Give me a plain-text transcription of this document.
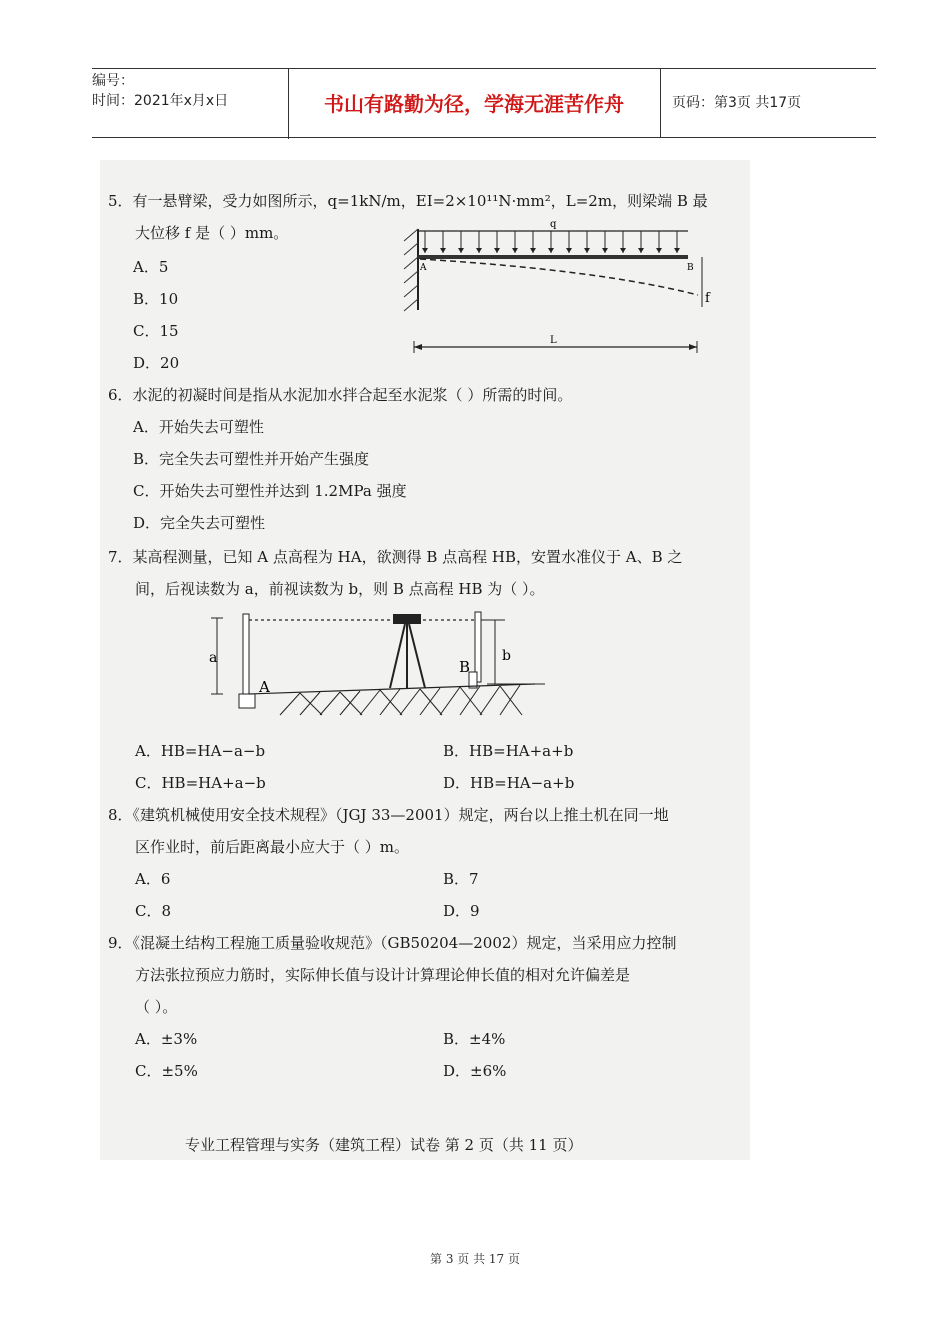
编号：
时间：2021年x月x日	书山有路勤为径，学海无涯苦作舟	页码：第3页 共17页
5．有一悬臂梁，受力如图所示，q=1kN/m，EI=2×10¹¹N·mm²，L=2m，则梁端 B 最
大位移 f 是（ ）mm。
A．5
B．10
C．15
D．20
q
A	B
f
L
6．水泥的初凝时间是指从水泥加水拌合起至水泥浆（ ）所需的时间。
A．开始失去可塑性
B．完全失去可塑性并开始产生强度
C．开始失去可塑性并达到 1.2MPa 强度
D．完全失去可塑性
7．某高程测量，已知 A 点高程为 HA，欲测得 B 点高程 HB，安置水准仪于 A、B 之
间，后视读数为 a，前视读数为 b，则 B 点高程 HB 为（ ）。
a
A
B
b
A．HB=HA−a−b	B．HB=HA+a+b
C．HB=HA+a−b	D．HB=HA−a+b
8．《建筑机械使用安全技术规程》（JGJ 33—2001）规定，两台以上推土机在同一地
区作业时，前后距离最小应大于（ ）m。
A．6	B．7
C．8	D．9
9．《混凝土结构工程施工质量验收规范》（GB50204—2002）规定，当采用应力控制
方法张拉预应力筋时，实际伸长值与设计计算理论伸长值的相对允许偏差是
（ ）。
A．±3%	B．±4%
C．±5%	D．±6%
专业工程管理与实务（建筑工程）试卷 第 2 页（共 11 页）
第 3 页 共 17 页
